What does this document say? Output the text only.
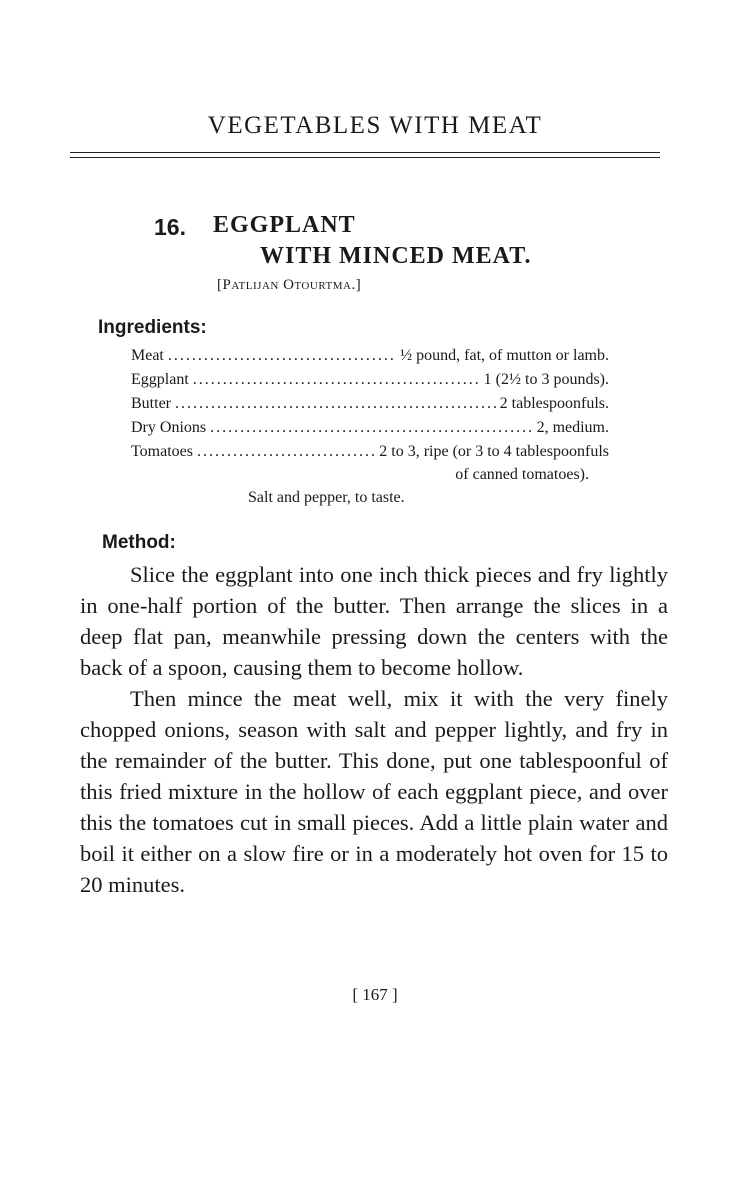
VEGETABLES WITH MEAT
16. EGGPLANT
WITH MINCED MEAT.
[Patlijan Otourtma.]
Ingredients:
Meat .....	½ pound, fat, of mutton or lamb.
Eggplant .....	1 (2½ to 3 pounds).
Butter .....	2 tablespoonfuls.
Dry Onions .....	2, medium.
Tomatoes .....	2 to 3, ripe (or 3 to 4 tablespoonfuls
of canned tomatoes).
Salt and pepper, to taste.
Method:

Slice the eggplant into one inch thick pieces and fry lightly in one-half portion of the butter. Then arrange the slices in a deep flat pan, meanwhile pressing down the centers with the back of a spoon, causing them to become hollow.

Then mince the meat well, mix it with the very finely chopped onions, season with salt and pepper lightly, and fry in the remainder of the butter. This done, put one tablespoonful of this fried mixture in the hollow of each eggplant piece, and over this the tomatoes cut in small pieces. Add a little plain water and boil it either on a slow fire or in a moderately hot oven for 15 to 20 minutes.

[ 167 ]
